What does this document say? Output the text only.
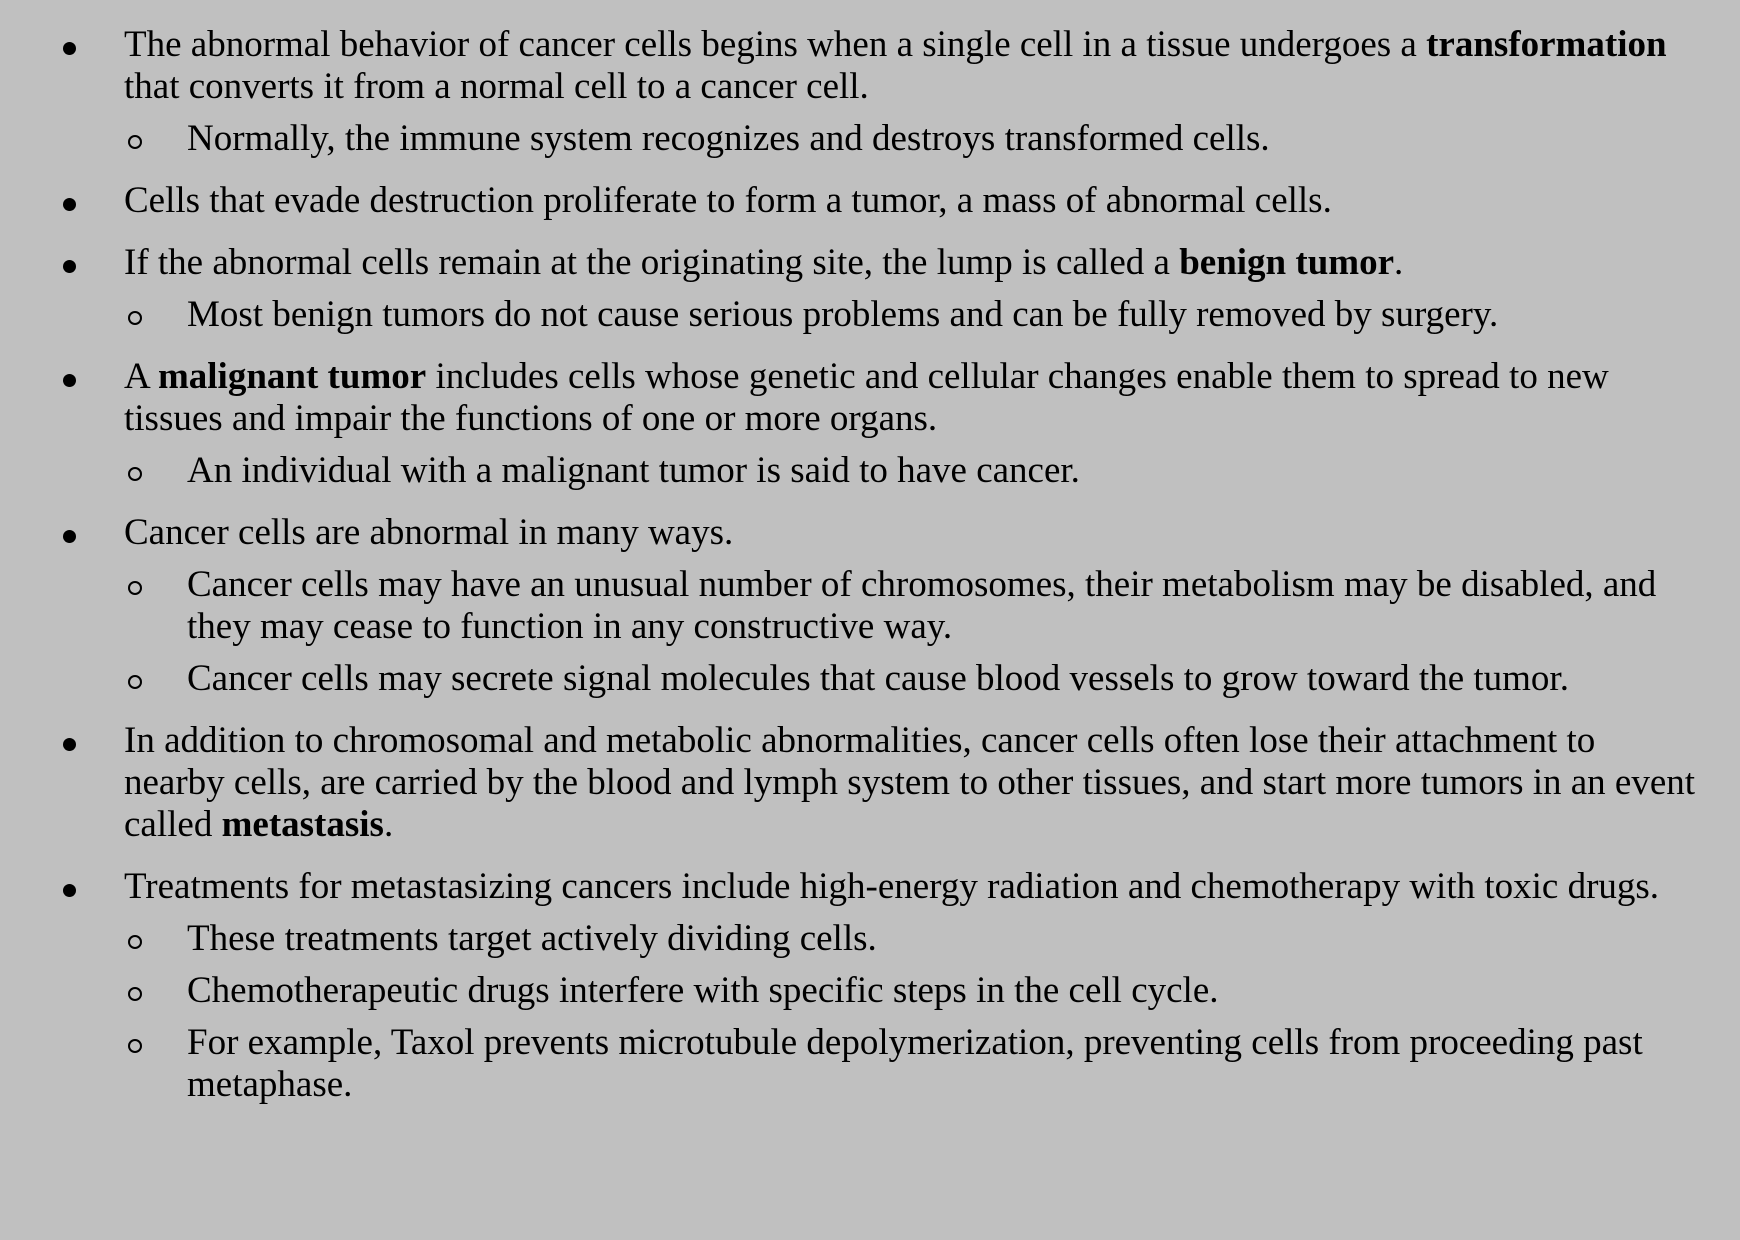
The abnormal behavior of cancer cells begins when a single cell in a tissue undergoes a transformation that converts it from a normal cell to a cancer cell.
Normally, the immune system recognizes and destroys transformed cells.
Cells that evade destruction proliferate to form a tumor, a mass of abnormal cells.
If the abnormal cells remain at the originating site, the lump is called a benign tumor.
Most benign tumors do not cause serious problems and can be fully removed by surgery.
A malignant tumor includes cells whose genetic and cellular changes enable them to spread to new tissues and impair the functions of one or more organs.
An individual with a malignant tumor is said to have cancer.
Cancer cells are abnormal in many ways.
Cancer cells may have an unusual number of chromosomes, their metabolism may be disabled, and they may cease to function in any constructive way.
Cancer cells may secrete signal molecules that cause blood vessels to grow toward the tumor.
In addition to chromosomal and metabolic abnormalities, cancer cells often lose their attachment to nearby cells, are carried by the blood and lymph system to other tissues, and start more tumors in an event called metastasis.
Treatments for metastasizing cancers include high-energy radiation and chemotherapy with toxic drugs.
These treatments target actively dividing cells.
Chemotherapeutic drugs interfere with specific steps in the cell cycle.
For example, Taxol prevents microtubule depolymerization, preventing cells from proceeding past metaphase.
